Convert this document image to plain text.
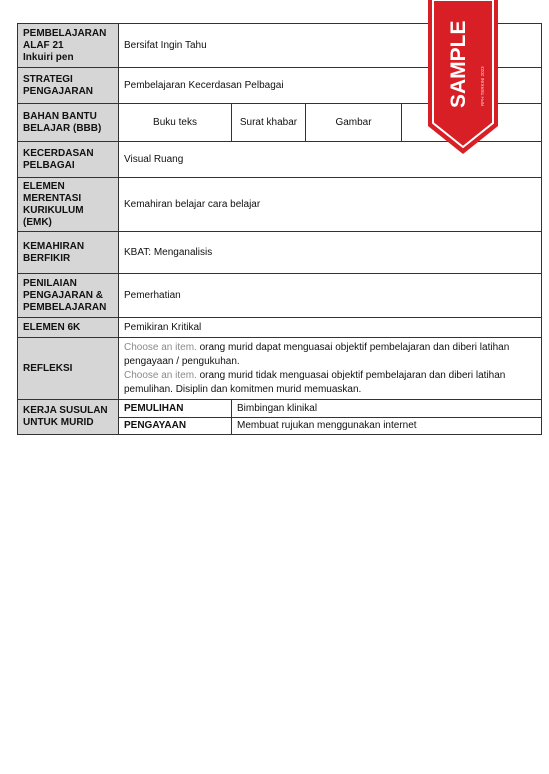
PEMBELAJARAN
ALAF 21
Inkuiri pen	Bersifat Ingin Tahu			

STRATEGI
PENGAJARAN	Pembelajaran Kecerdasan Pelbagai			

BAHAN BANTU
BELAJAR (BBB)	Buku teks	Surat khabar	Gambar	

KECERDASAN
PELBAGAI	Visual Ruang			

ELEMEN
MERENTASI
KURIKULUM
(EMK)	Kemahiran belajar cara belajar			

KEMAHIRAN
BERFIKIR	KBAT: Menganalisis			

PENILAIAN
PENGAJARAN &
PEMBELAJARAN	Pemerhatian			
ELEMEN 6K	Pemikiran Kritikal			
REFLEKSI	Choose an item. orang murid dapat menguasai objektif pembelajaran dan diberi latihan
pengayaan / pengukuhan.
Choose an item. orang murid tidak menguasai objektif pembelajaran dan diberi latihan
pemulihan. Disiplin dan komitmen murid memuaskan.			

KERJA SUSULAN
UNTUK MURID	PEMULIHAN	Bimbingan klinikal		
	PENGAYAAN	Membuat rujukan menggunakan internet		
SAMPLE RPH TERKINI 2023
